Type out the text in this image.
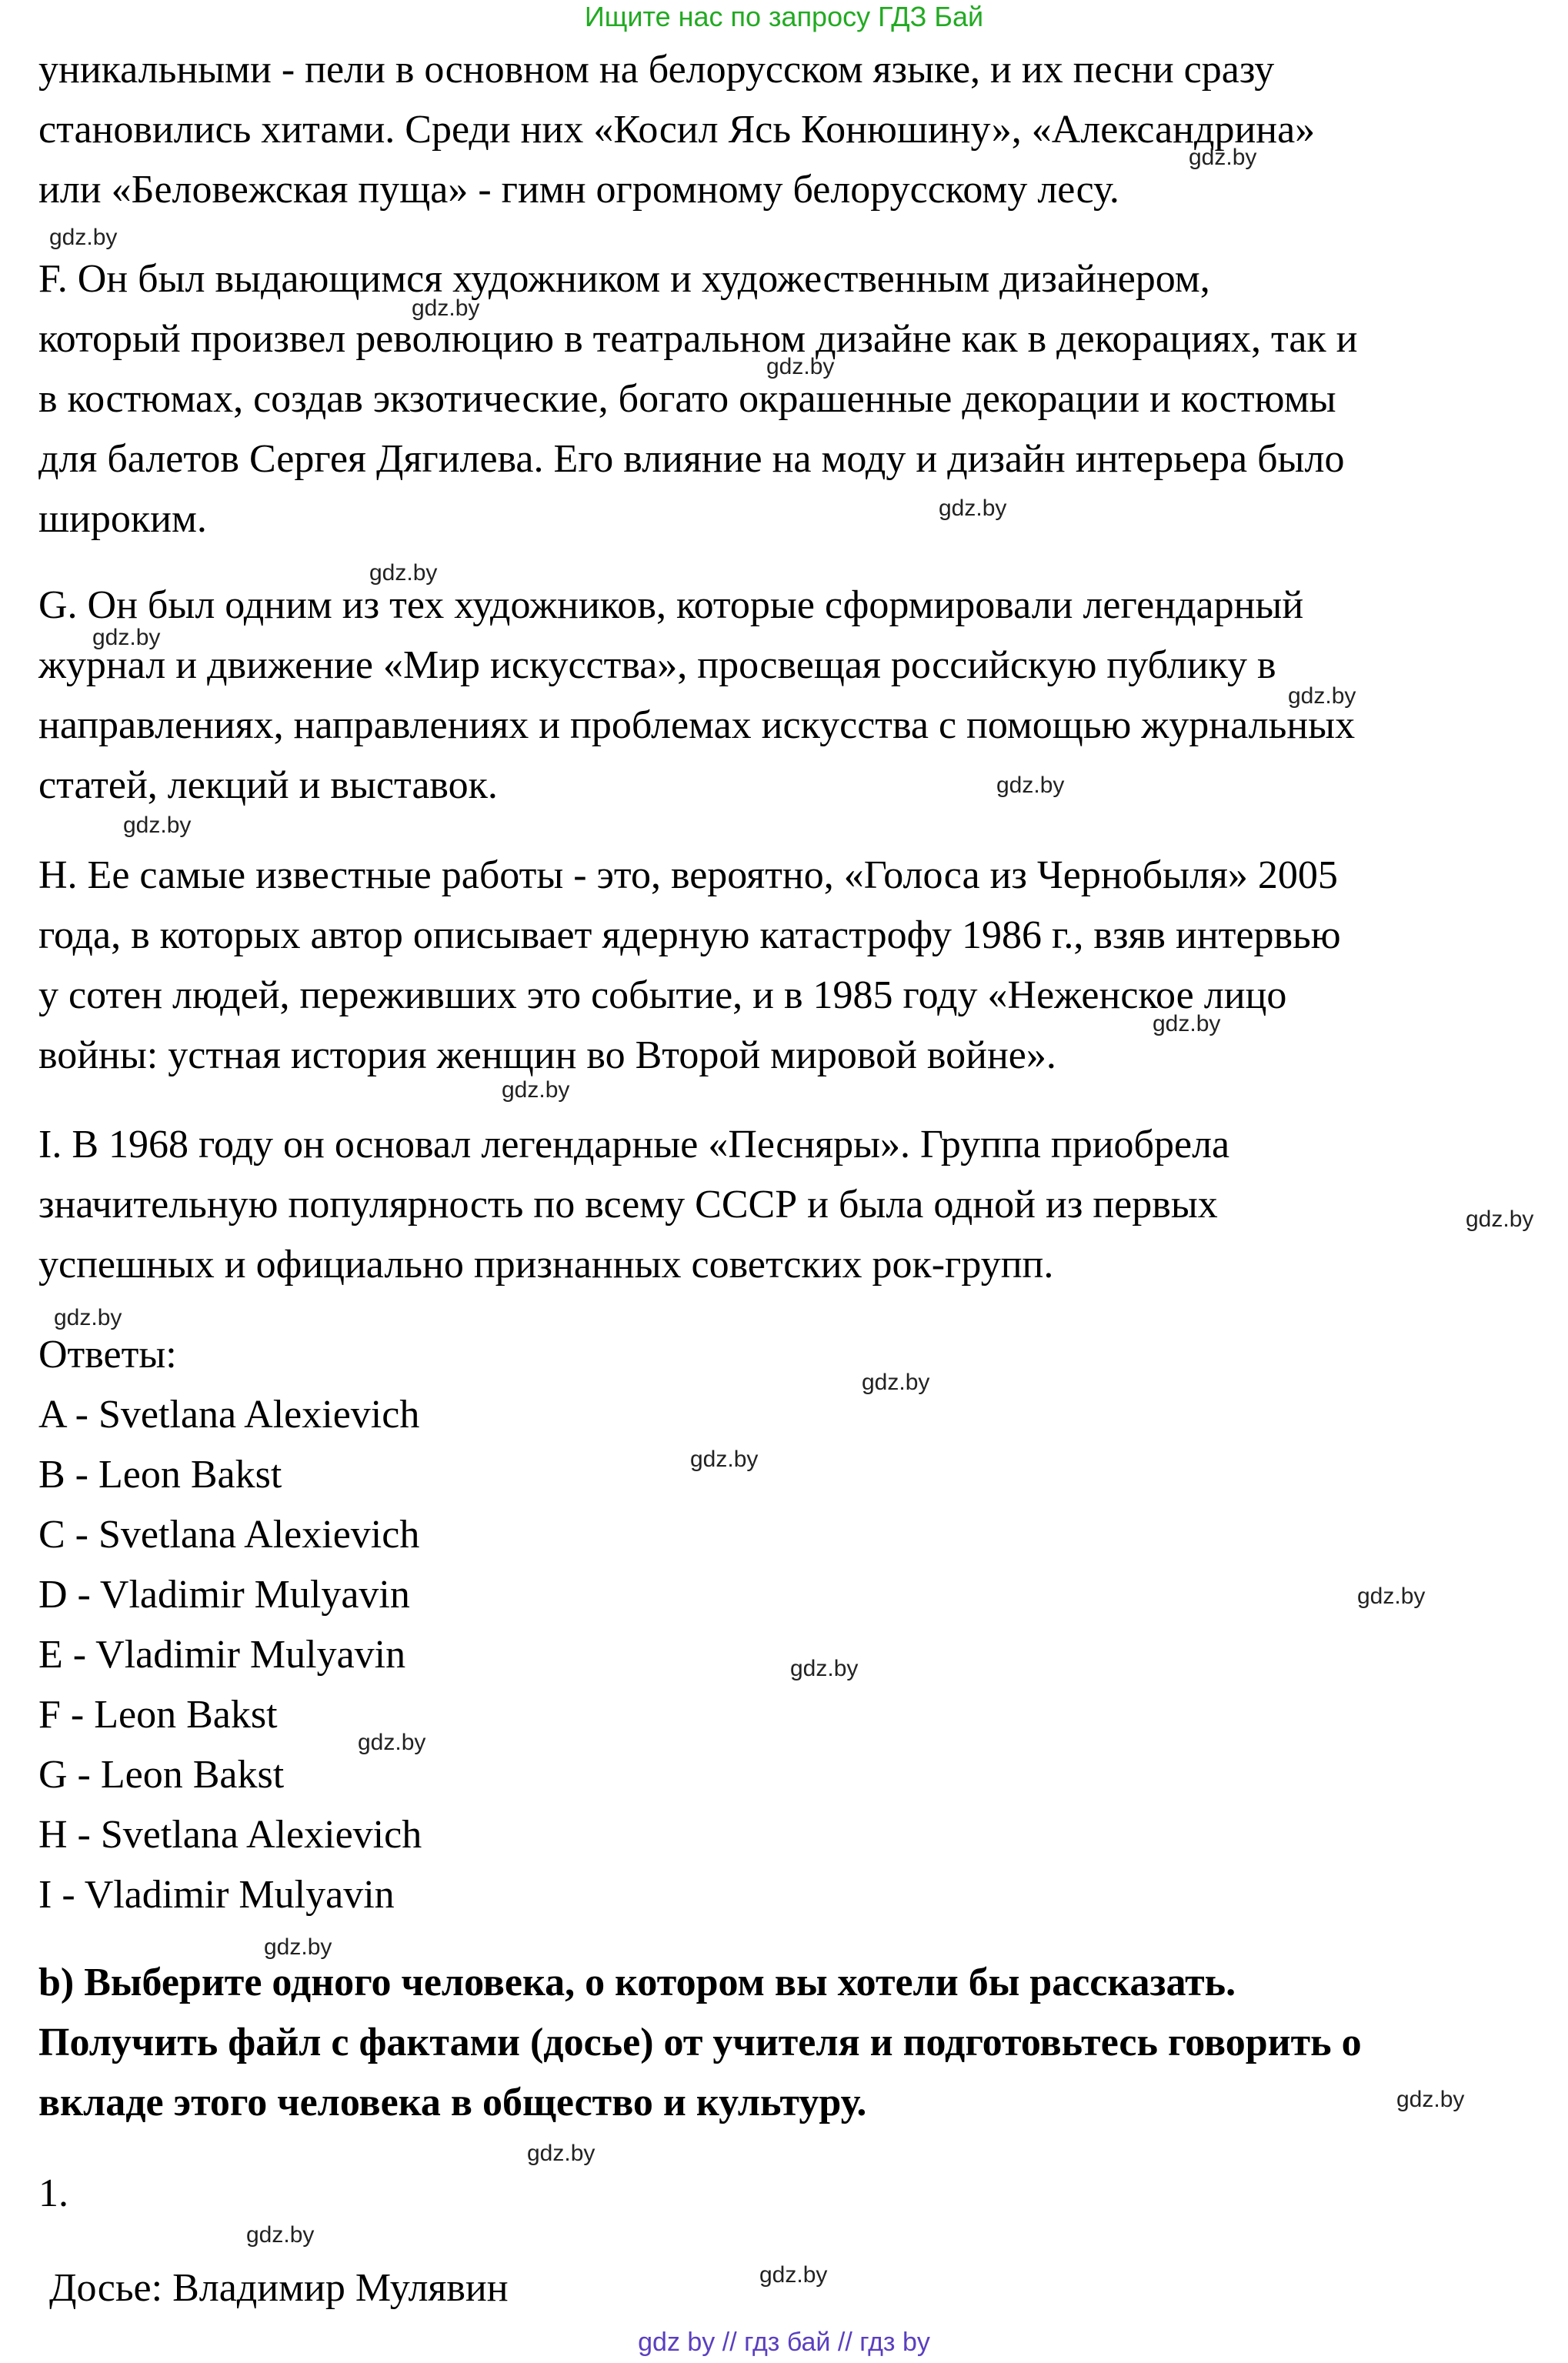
Ищите нас по запросу ГДЗ Бай
уникальными - пели в основном на белорусском языке, и их песни сразу
становились хитами. Среди них «Косил Ясь Конюшину», «Александрина»
или «Беловежская пуща» - гимн огромному белорусскому лесу.
F. Он был выдающимся художником и художественным дизайнером,
который произвел революцию в театральном дизайне как в декорациях, так и
в костюмах, создав экзотические, богато окрашенные декорации и костюмы
для балетов Сергея Дягилева. Его влияние на моду и дизайн интерьера было
широким.
G. Он был одним из тех художников, которые сформировали легендарный
журнал и движение «Мир искусства», просвещая российскую публику в
направлениях, направлениях и проблемах искусства с помощью журнальных
статей, лекций и выставок.
H. Ее самые известные работы - это, вероятно, «Голоса из Чернобыля» 2005
года, в которых автор описывает ядерную катастрофу 1986 г., взяв интервью
у сотен людей, переживших это событие, и в 1985 году «Неженское лицо
войны: устная история женщин во Второй мировой войне».
I. В 1968 году он основал легендарные «Песняры». Группа приобрела
значительную популярность по всему СССР и была одной из первых
успешных и официально признанных советских рок-групп.
Ответы:
A - Svetlana Alexievich
B - Leon Bakst
C - Svetlana Alexievich
D - Vladimir Mulyavin
E - Vladimir Mulyavin
F - Leon Bakst
G - Leon Bakst
H - Svetlana Alexievich
I - Vladimir Mulyavin
b) Выберите одного человека, о котором вы хотели бы рассказать.
Получить файл с фактами (досье) от учителя и подготовьтесь говорить о
вкладе этого человека в общество и культуру.
1.
Досье: Владимир Мулявин
gdz.by
gdz.by
gdz.by
gdz.by
gdz.by
gdz.by
gdz.by
gdz.by
gdz.by
gdz.by
gdz.by
gdz.by
gdz.by
gdz.by
gdz.by
gdz.by
gdz.by
gdz.by
gdz.by
gdz.by
gdz.by
gdz.by
gdz.by
gdz.by
gdz by // гдз бай // гдз by
